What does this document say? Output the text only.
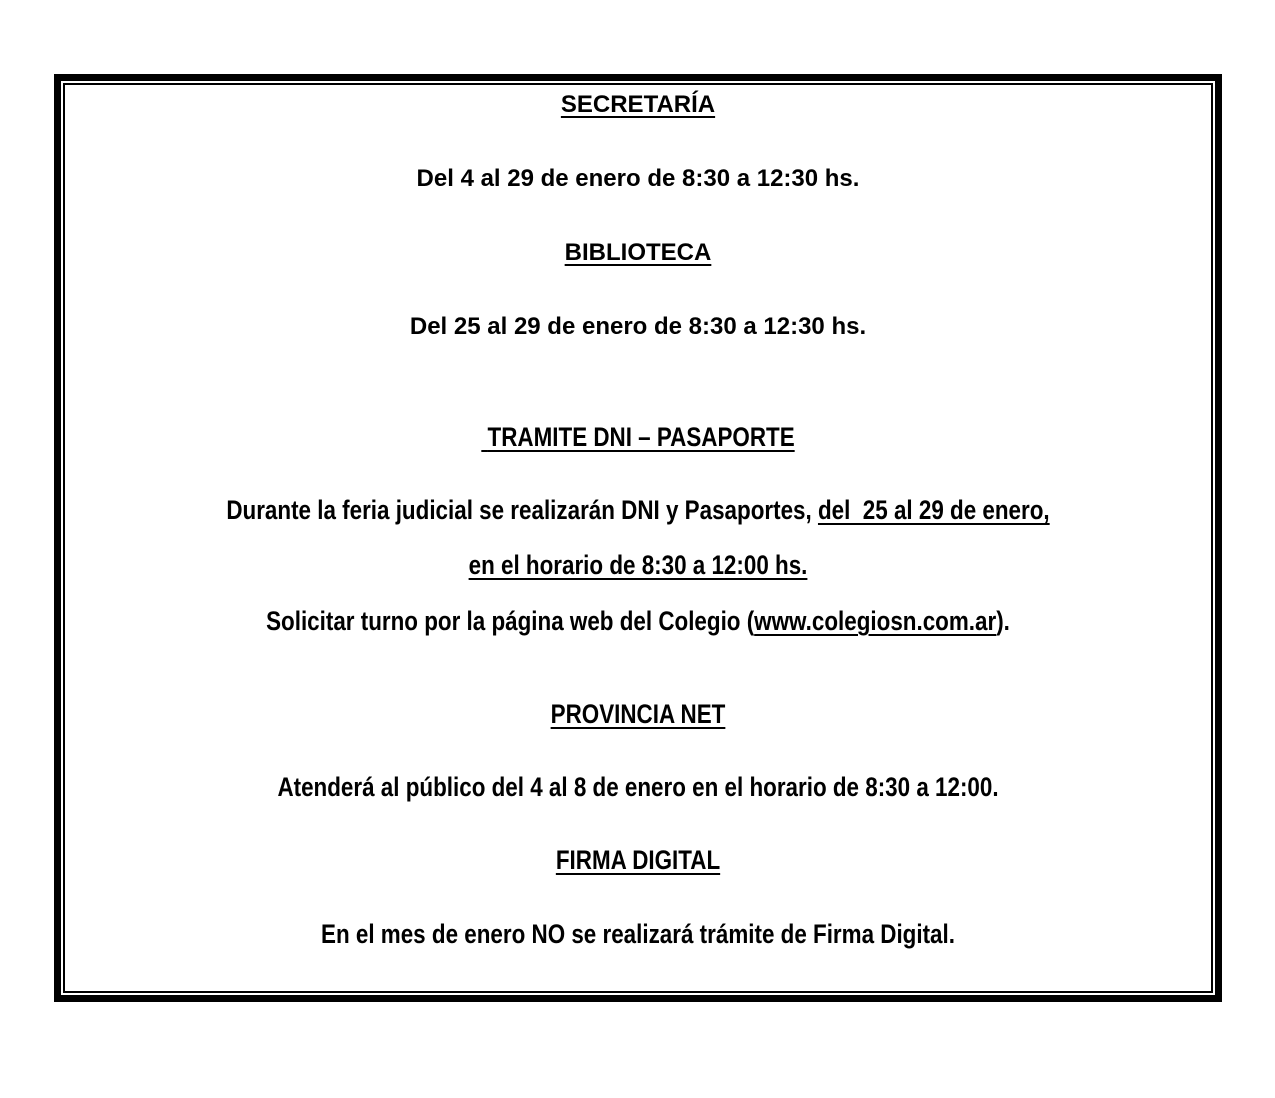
SECRETARÍA

Del 4 al 29 de enero de 8:30 a 12:30 hs.

BIBLIOTECA

Del 25 al 29 de enero de 8:30 a 12:30 hs.

TRAMITE DNI – PASAPORTE

Durante la feria judicial se realizarán DNI y Pasaportes, del  25 al 29 de enero,

en el horario de 8:30 a 12:00 hs.

Solicitar turno por la página web del Colegio (www.colegiosn.com.ar).

PROVINCIA NET

Atenderá al público del 4 al 8 de enero en el horario de 8:30 a 12:00.

FIRMA DIGITAL

En el mes de enero NO se realizará trámite de Firma Digital.
